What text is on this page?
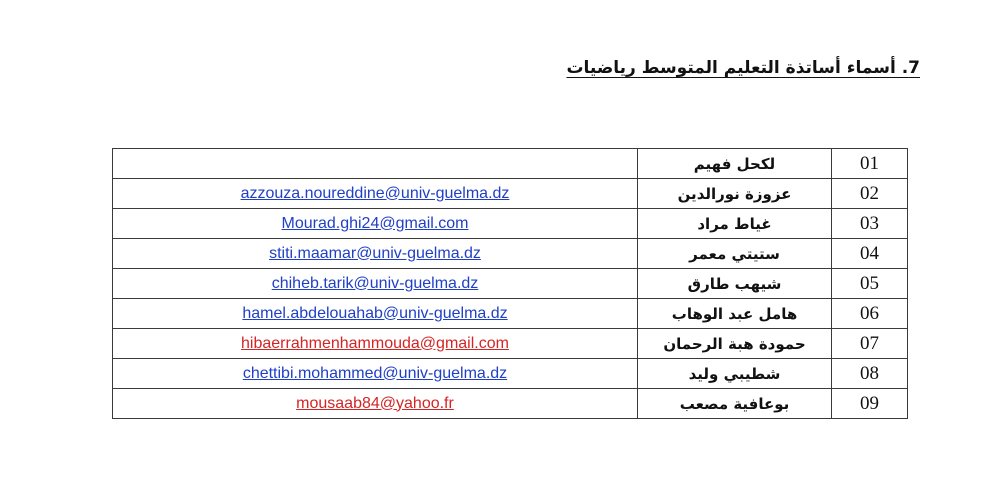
7. أسماء أساتذة التعليم المتوسط رياضيات
	لكحل فهيم	01
azzouza.noureddine@univ-guelma.dz	عزوزة نورالدين	02
Mourad.ghi24@gmail.com	غياط مراد	03
stiti.maamar@univ-guelma.dz	ستيتي معمر	04
chiheb.tarik@univ-guelma.dz	شيهب طارق	05
hamel.abdelouahab@univ-guelma.dz	هامل عبد الوهاب	06
hibaerrahmenhammouda@gmail.com	حمودة هبة الرحمان	07
chettibi.mohammed@univ-guelma.dz	شطيبي وليد	08
mousaab84@yahoo.fr	بوعافية مصعب	09
